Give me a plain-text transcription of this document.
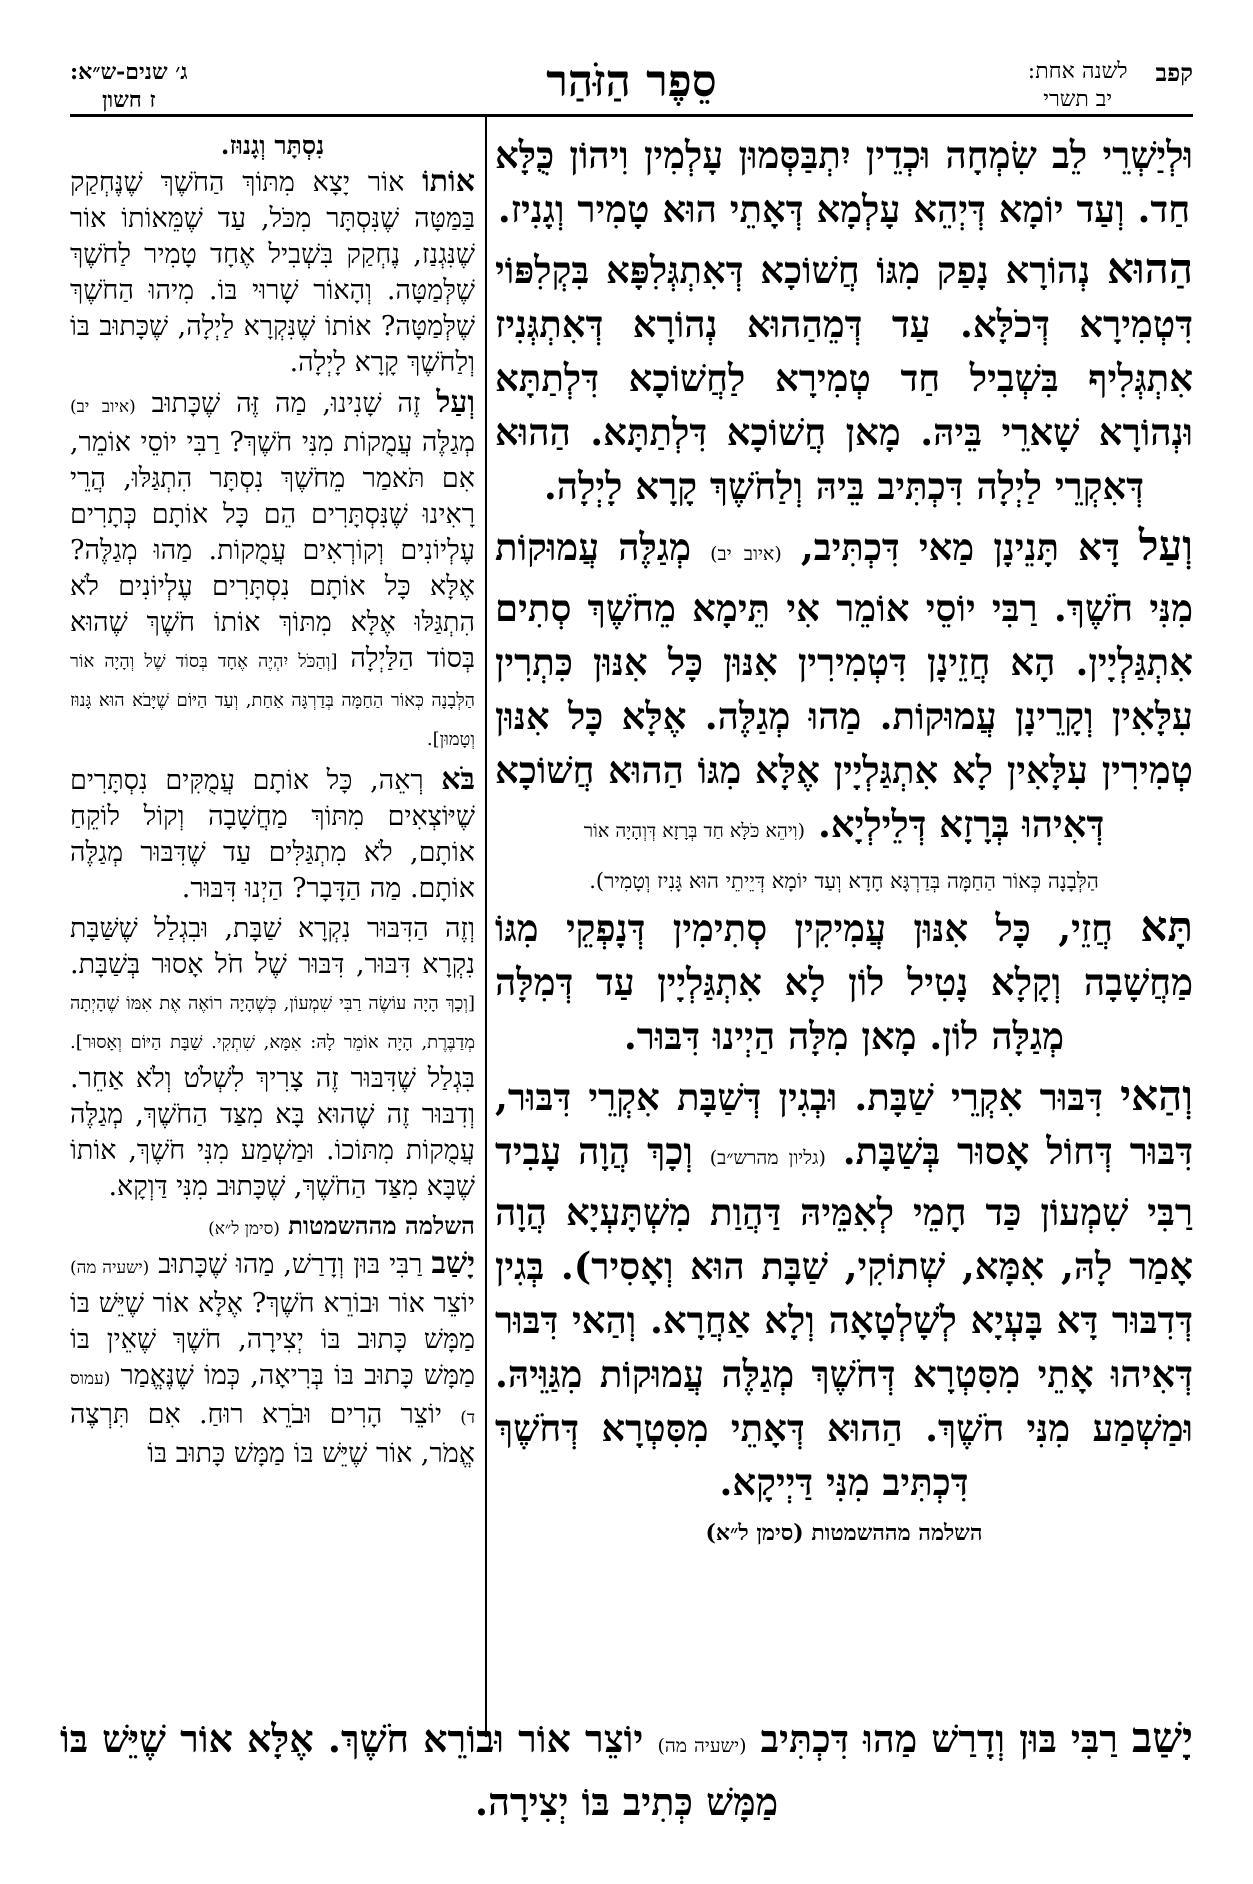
קפב
לשנה אחת:
יב תשרי
סֵפֶר הַזֹּהַר
ג׳ שנים-ש״א:
ז חשון

וּלְיַשְׁרֵי לֵב שִׂמְחָה וּכְדֵין יִתְבַּסְּמוּן עָלְמִין וִיהוֹן כֻּלָּא חַד. וְעַד יוֹמָא דְּיְהֵא עָלְמָא דְּאָתֵי הוּא טָמִיר וְגָנִיז.

הַהוּא נְהוֹרָא נָפַק מִגּוֹ חֲשׁוֹכָא דְּאִתְגְּלִפָּא בִּקְלִפּוֹי דִּטְמִירָא דְּכֹלָּא. עַד דְּמֵהַהוּא נְהוֹרָא דְּאִתְגְּנִיז אִתְגְּלִיף בִּשְׁבִיל חַד טְמִירָא לַחֲשׁוֹכָא דִּלְתַתָּא וּנְהוֹרָא שָׁארֵי בֵּיהּ. מָאן חֲשׁוֹכָא דִּלְתַתָּא. הַהוּא דְּאִקְרֵי לַיְלָה דִּכְתִּיב בֵּיהּ וְלַחֹשֶׁךְ קָרָא לָיְלָה.

וְעַל דָּא תָּנֵינָן מַאי דִּכְתִּיב, (איוב יב) מְגַלֶּה עֲמוּקוֹת מִנִּי חֹשֶׁךְ. רַבִּי יוֹסֵי אוֹמֵר אִי תֵּימָא מֵחֹשֶׁךְ סְתִים אִתְגַּלְיָין. הָא חֲזֵינָן דִּטְמִירִין אִנּוּן כָּל אִנּוּן כִּתְרִין עִלָּאִין וְקָרֵינָן עֲמוּקוֹת. מַהוּ מְגַלֶּה. אֶלָּא כָּל אִנּוּן טְמִירִין עִלָּאִין לָא אִתְגַּלְיָין אֶלָּא מִגּוֹ הַהוּא חֲשׁוֹכָא דְּאִיהוּ בְּרָזָא דְּלֵילְיָא. (וִיהֵא כֹּלָּא חַד בְּרָזָא דְּוְהָיָה אוֹר

הַלְּבָנָה כְּאוֹר הַחַמָּה בְּדַרְגָּא חָדָא וְעַד יוֹמָא דְּיֵיתֵי הוּא גָּנִיז וְטָמִיר).

תָּא חֲזֵי, כָּל אִנּוּן עֲמִיקִין סְתִימִין דְּנָפְקֵי מִגּוֹ מַחֲשָׁבָה וְקָלָא נָטִיל לוֹן לָא אִתְגַּלְיָין עַד דְּמִלָּה מְגַלָּה לוֹן. מָאן מִלָּה הַיְינוּ דִּבּוּר.

וְהַאי דִּבּוּר אִקְרֵי שַׁבָּת. וּבְגִין דְּשַׁבָּת אִקְרֵי דִּבּוּר, דִּבּוּר דְּחוֹל אָסוּר בְּשַׁבָּת. (גליון מהרש״ב) וְכָךְ הֲוָה עָבִיד רַבִּי שִׁמְעוֹן כַּד חָמֵי לְאִמֵּיהּ דַּהֲוַת מִשְׁתָּעְיָא הֲוָה אָמַר לָהּ, אִמָּא, שְׁתוֹקִי, שַׁבָּת הוּא וְאָסִיר). בְּגִין דְּדִבּוּר דָּא בָּעְיָא לְשָׁלְטָאָה וְלָא אַחֲרָא. וְהַאי דִּבּוּר דְּאִיהוּ אָתֵי מִסִּטְרָא דְּחֹשֶׁךְ מְגַלֶּה עֲמוּקוֹת מִגַּוֵּיהּ. וּמַשְׁמַע מִנִּי חֹשֶׁךְ. הַהוּא דְּאָתֵי מִסִּטְרָא דְּחֹשֶׁךְ דִּכְתִּיב מִנִּי דַּיְיקָא.

השלמה מההשמטות (סימן ל״א)
נִסְתָּר וְגָנוּז.

אוֹתוֹ אוֹר יָצָא מִתּוֹךְ הַחֹשֶׁךְ שֶׁנֶּחְקַק בַּמַּטָּה שֶׁנִּסְתָּר מִכֹּל, עַד שֶׁמֵּאוֹתוֹ אוֹר שֶׁנִּגְנַז, נֶחְקַק בִּשְׁבִיל אֶחָד טָמִיר לַחֹשֶׁךְ שֶׁלְּמַטָּה. וְהָאוֹר שָׁרוּי בּוֹ. מִיהוּ הַחֹשֶׁךְ שֶׁלְּמַטָּה? אוֹתוֹ שֶׁנִּקְרָא לַיְלָה, שֶׁכָּתוּב בּוֹ וְלַחֹשֶׁךְ קָרָא לָיְלָה.

וְעַל זֶה שָׁנִינוּ, מַה זֶּה שֶׁכָּתוּב (איוב יב) מְגַלֶּה עֲמֻקוֹת מִנִּי חֹשֶׁךְ? רַבִּי יוֹסֵי אוֹמֵר, אִם תֹּאמַר מֵחֹשֶׁךְ נִסְתָּר הִתְגַּלּוּ, הֲרֵי רָאִינוּ שֶׁנִּסְתָּרִים הֵם כָּל אוֹתָם כְּתָרִים עֶלְיוֹנִים וְקוֹרְאִים עֲמֻקוֹת. מַהוּ מְגַלֶּה? אֶלָּא כָּל אוֹתָם נִסְתָּרִים עֶלְיוֹנִים לֹא הִתְגַּלּוּ אֶלָּא מִתּוֹךְ אוֹתוֹ חֹשֶׁךְ שֶׁהוּא בְּסוֹד הַלַּיְלָה [וְהַכֹּל יִהְיֶה אֶחָד בְּסוֹד שֶׁל וְהָיָה אוֹר הַלְּבָנָה כְּאוֹר הַחַמָּה בְּדַרְגָּה אַחַת, וְעַד הַיּוֹם שֶׁיָּבֹא הוּא גָּנוּז וְטָמוּן].

בֹּא רְאֵה, כָּל אוֹתָם עֲמֻקִּים נִסְתָּרִים שֶׁיּוֹצְאִים מִתּוֹךְ מַחֲשָׁבָה וְקוֹל לוֹקֵחַ אוֹתָם, לֹא מִתְגַּלִּים עַד שֶׁדִּבּוּר מְגַלֶּה אוֹתָם. מַה הַדָּבָר? הַיְנוּ דִּבּוּר.

וְזֶה הַדִּבּוּר נִקְרָא שַׁבָּת, וּבִגְלַל שֶׁשַּׁבָּת נִקְרָא דִּבּוּר, דִּבּוּר שֶׁל חֹל אָסוּר בְּשַׁבָּת. [וְכָךְ הָיָה עוֹשֶׂה רַבִּי שִׁמְעוֹן, כְּשֶׁהָיָה רוֹאֶה אֶת אִמּוֹ שֶׁהָיְתָה מְדַבֶּרֶת, הָיָה אוֹמֵר לָהּ: אִמָּא, שִׁתְקִי. שַׁבָּת הַיּוֹם וְאָסוּר]. בִּגְלַל שֶׁדִּבּוּר זֶה צָרִיךְ לִשְׁלֹט וְלֹא אַחֵר. וְדִבּוּר זֶה שֶׁהוּא בָּא מִצַּד הַחֹשֶׁךְ, מְגַלֶּה עֲמֻקוֹת מִתּוֹכוֹ. וּמַשְׁמַע מִנִּי חֹשֶׁךְ, אוֹתוֹ שֶׁבָּא מִצַּד הַחֹשֶׁךְ, שֶׁכָּתוּב מִנִּי דַּוְקָא.

השלמה מההשמטות (סימן ל״א)

יָשַׁב רַבִּי בּוּן וְדָרַשׁ, מַהוּ שֶׁכָּתוּב (ישעיה מה) יוֹצֵר אוֹר וּבוֹרֵא חֹשֶׁךְ? אֶלָּא אוֹר שֶׁיֵּשׁ בּוֹ מַמָּשׁ כָּתוּב בּוֹ יְצִירָה, חֹשֶׁךְ שֶׁאֵין בּוֹ מַמָּשׁ כָּתוּב בּוֹ בְּרִיאָה, כְּמוֹ שֶׁנֶּאֱמַר (עמוס ד) יוֹצֵר הָרִים וּבֹרֵא רוּחַ. אִם תִּרְצֶה אֱמֹר, אוֹר שֶׁיֵּשׁ בּוֹ מַמָּשׁ כָּתוּב בּוֹ

יָשַׁב רַבִּי בּוּן וְדָרַשׁ מַהוּ דִּכְתִּיב (ישעיה מה) יוֹצֵר אוֹר וּבוֹרֵא חֹשֶׁךְ. אֶלָּא אוֹר שֶׁיֵּשׁ בּוֹ מַמָּשׁ כְּתִיב בּוֹ יְצִירָה.
